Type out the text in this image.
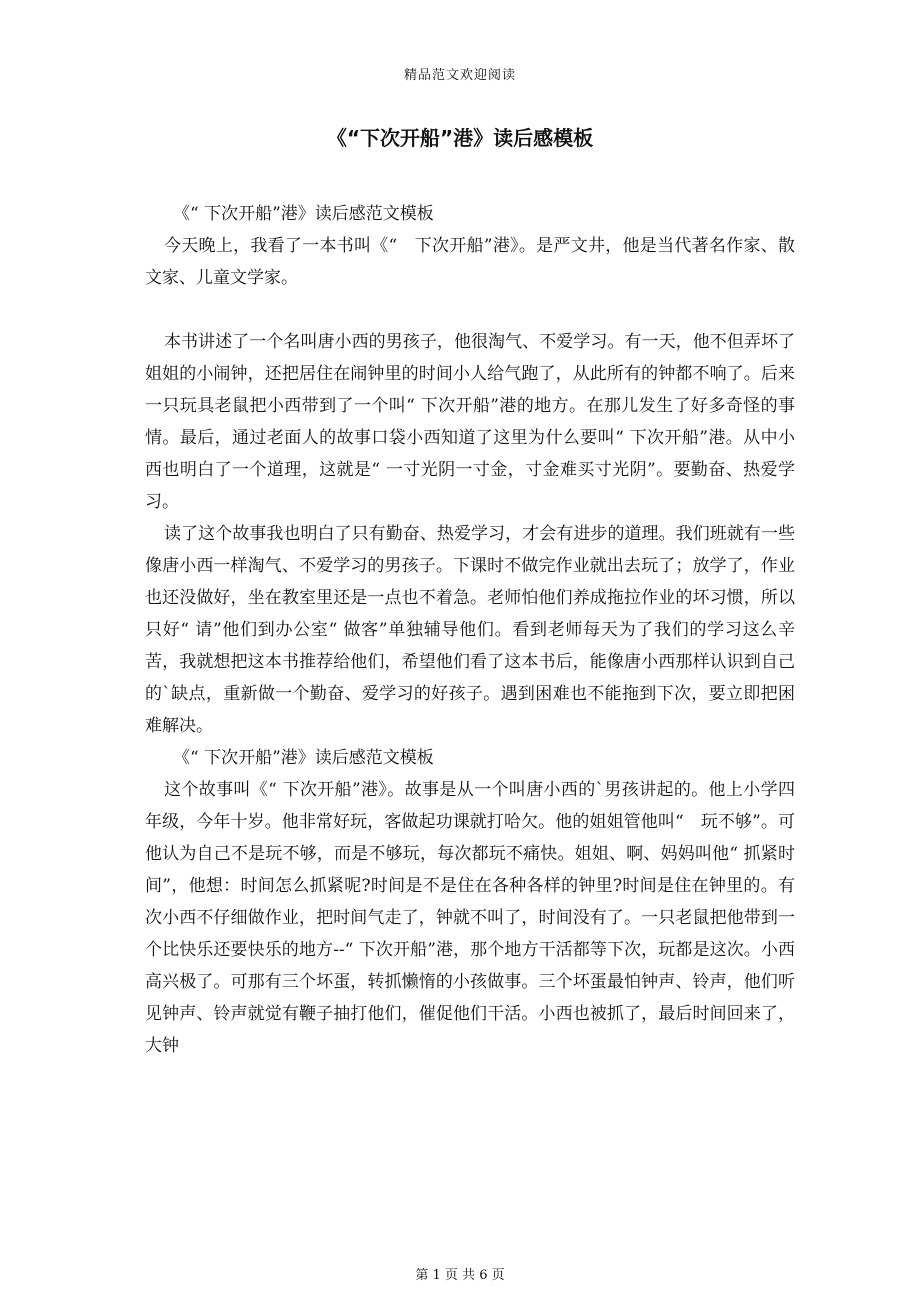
精品范文欢迎阅读
《“下次开船”港》读后感模板

《“ 下次开船”港》读后感范文模板

今天晚上，我看了一本书叫《“　下次开船”港》。是严文井，他是当代著名作家、散文家、儿童文学家。

本书讲述了一个名叫唐小西的男孩子，他很淘气、不爱学习。有一天，他不但弄坏了姐姐的小闹钟，还把居住在闹钟里的时间小人给气跑了，从此所有的钟都不响了。后来一只玩具老鼠把小西带到了一个叫“ 下次开船”港的地方。在那儿发生了好多奇怪的事情。最后，通过老面人的故事口袋小西知道了这里为什么要叫“ 下次开船”港。从中小西也明白了一个道理，这就是“ 一寸光阴一寸金，寸金难买寸光阴”。要勤奋、热爱学习。

读了这个故事我也明白了只有勤奋、热爱学习，才会有进步的道理。我们班就有一些像唐小西一样淘气、不爱学习的男孩子。下课时不做完作业就出去玩了；放学了，作业也还没做好，坐在教室里还是一点也不着急。老师怕他们养成拖拉作业的坏习惯，所以只好“ 请”他们到办公室“ 做客”单独辅导他们。看到老师每天为了我们的学习这么辛苦，我就想把这本书推荐给他们，希望他们看了这本书后，能像唐小西那样认识到自己的`缺点，重新做一个勤奋、爱学习的好孩子。遇到困难也不能拖到下次，要立即把困难解决。

《“ 下次开船”港》读后感范文模板

这个故事叫《“ 下次开船”港》。故事是从一个叫唐小西的`男孩讲起的。他上小学四年级，今年十岁。他非常好玩，客做起功课就打哈欠。他的姐姐管他叫“　玩不够”。可他认为自己不是玩不够，而是不够玩，每次都玩不痛快。姐姐、啊、妈妈叫他“ 抓紧时间”，他想：时间怎么抓紧呢?时间是不是住在各种各样的钟里?时间是住在钟里的。有次小西不仔细做作业，把时间气走了，钟就不叫了，时间没有了。一只老鼠把他带到一个比快乐还要快乐的地方--“ 下次开船”港，那个地方干活都等下次，玩都是这次。小西高兴极了。可那有三个坏蛋，转抓懒惰的小孩做事。三个坏蛋最怕钟声、铃声，他们听见钟声、铃声就觉有鞭子抽打他们，催促他们干活。小西也被抓了，最后时间回来了，大钟

第 1 页 共 6 页
